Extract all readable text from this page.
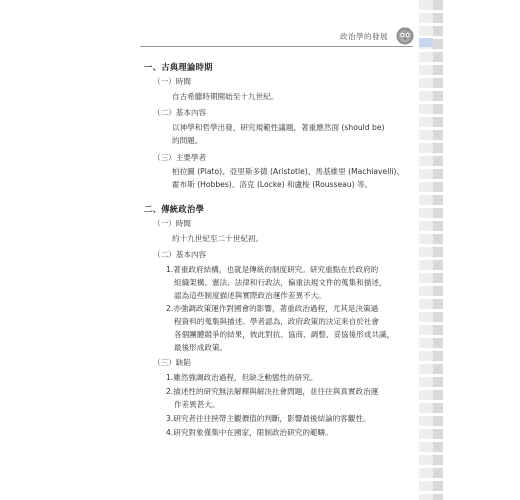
政治學的發展
一、古典理論時期
（一）時間
自古希臘時期開始至十九世紀。
（二）基本內容
以神學和哲學出發，研究規範性議題，著重應然面 (should be)
的問題。
（三）主要學者
柏拉圖 (Plato)、亞里斯多德 (Aristotle)、馬基維里 (Machiavelli)、
霍布斯 (Hobbes)、洛克 (Locke) 和盧梭 (Rousseau) 等。
二、傳統政治學
（一）時間
約十九世紀至二十世紀初。
（二）基本內容
1.著重政府結構，也就是傳統的制度研究。研究重點在於政府的
組織架構、憲法、法律和行政法，偏重法規文件的蒐集和描述，
認為這些制度描述與實際政治運作差異不大。
2.亦強調政策運作對國會的影響，著重政治過程，尤其是決策過
程資料的蒐集與描述。學者認為，政府政策的決定來自於社會
各個團體競爭的結果，彼此對抗、協商、調整、妥協後形成共識，
最後形成政策。
（三）缺陷
1.雖然強調政治過程，但缺乏動態性的研究。
2.描述性的研究無法解釋與解決社會問題，並往往與真實政治運
作差異甚大。
3.研究者往往挾帶主觀價值的判斷，影響最後結論的客觀性。
4.研究對象僅集中在國家，限制政治研究的範疇。
